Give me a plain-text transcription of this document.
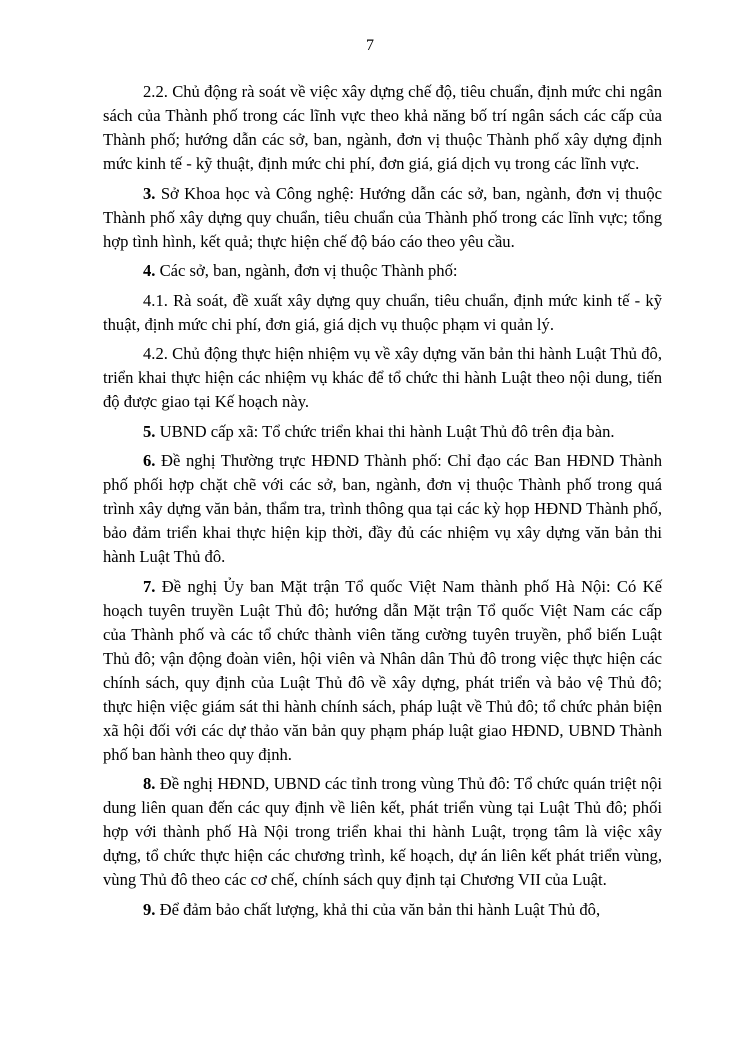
7

2.2. Chủ động rà soát về việc xây dựng chế độ, tiêu chuẩn, định mức chi ngân sách của Thành phố trong các lĩnh vực theo khả năng bố trí ngân sách các cấp của Thành phố; hướng dẫn các sở, ban, ngành, đơn vị thuộc Thành phố xây dựng định mức kinh tế - kỹ thuật, định mức chi phí, đơn giá, giá dịch vụ trong các lĩnh vực.

3. Sở Khoa học và Công nghệ: Hướng dẫn các sở, ban, ngành, đơn vị thuộc Thành phố xây dựng quy chuẩn, tiêu chuẩn của Thành phố trong các lĩnh vực; tổng hợp tình hình, kết quả; thực hiện chế độ báo cáo theo yêu cầu.

4. Các sở, ban, ngành, đơn vị thuộc Thành phố:

4.1. Rà soát, đề xuất xây dựng quy chuẩn, tiêu chuẩn, định mức kinh tế - kỹ thuật, định mức chi phí, đơn giá, giá dịch vụ thuộc phạm vi quản lý.

4.2. Chủ động thực hiện nhiệm vụ về xây dựng văn bản thi hành Luật Thủ đô, triển khai thực hiện các nhiệm vụ khác để tổ chức thi hành Luật theo nội dung, tiến độ được giao tại Kế hoạch này.

5. UBND cấp xã: Tổ chức triển khai thi hành Luật Thủ đô trên địa bàn.

6. Đề nghị Thường trực HĐND Thành phố: Chỉ đạo các Ban HĐND Thành phố phối hợp chặt chẽ với các sở, ban, ngành, đơn vị thuộc Thành phố trong quá trình xây dựng văn bản, thẩm tra, trình thông qua tại các kỳ họp HĐND Thành phố, bảo đảm triển khai thực hiện kịp thời, đầy đủ các nhiệm vụ xây dựng văn bản thi hành Luật Thủ đô.

7. Đề nghị Ủy ban Mặt trận Tổ quốc Việt Nam thành phố Hà Nội: Có Kế hoạch tuyên truyền Luật Thủ đô; hướng dẫn Mặt trận Tổ quốc Việt Nam các cấp của Thành phố và các tổ chức thành viên tăng cường tuyên truyền, phổ biến Luật Thủ đô; vận động đoàn viên, hội viên và Nhân dân Thủ đô trong việc thực hiện các chính sách, quy định của Luật Thủ đô về xây dựng, phát triển và bảo vệ Thủ đô; thực hiện việc giám sát thi hành chính sách, pháp luật về Thủ đô; tổ chức phản biện xã hội đối với các dự thảo văn bản quy phạm pháp luật giao HĐND, UBND Thành phố ban hành theo quy định.

8. Đề nghị HĐND, UBND các tỉnh trong vùng Thủ đô: Tổ chức quán triệt nội dung liên quan đến các quy định về liên kết, phát triển vùng tại Luật Thủ đô; phối hợp với thành phố Hà Nội trong triển khai thi hành Luật, trọng tâm là việc xây dựng, tổ chức thực hiện các chương trình, kế hoạch, dự án liên kết phát triển vùng, vùng Thủ đô theo các cơ chế, chính sách quy định tại Chương VII của Luật.

9. Để đảm bảo chất lượng, khả thi của văn bản thi hành Luật Thủ đô,
